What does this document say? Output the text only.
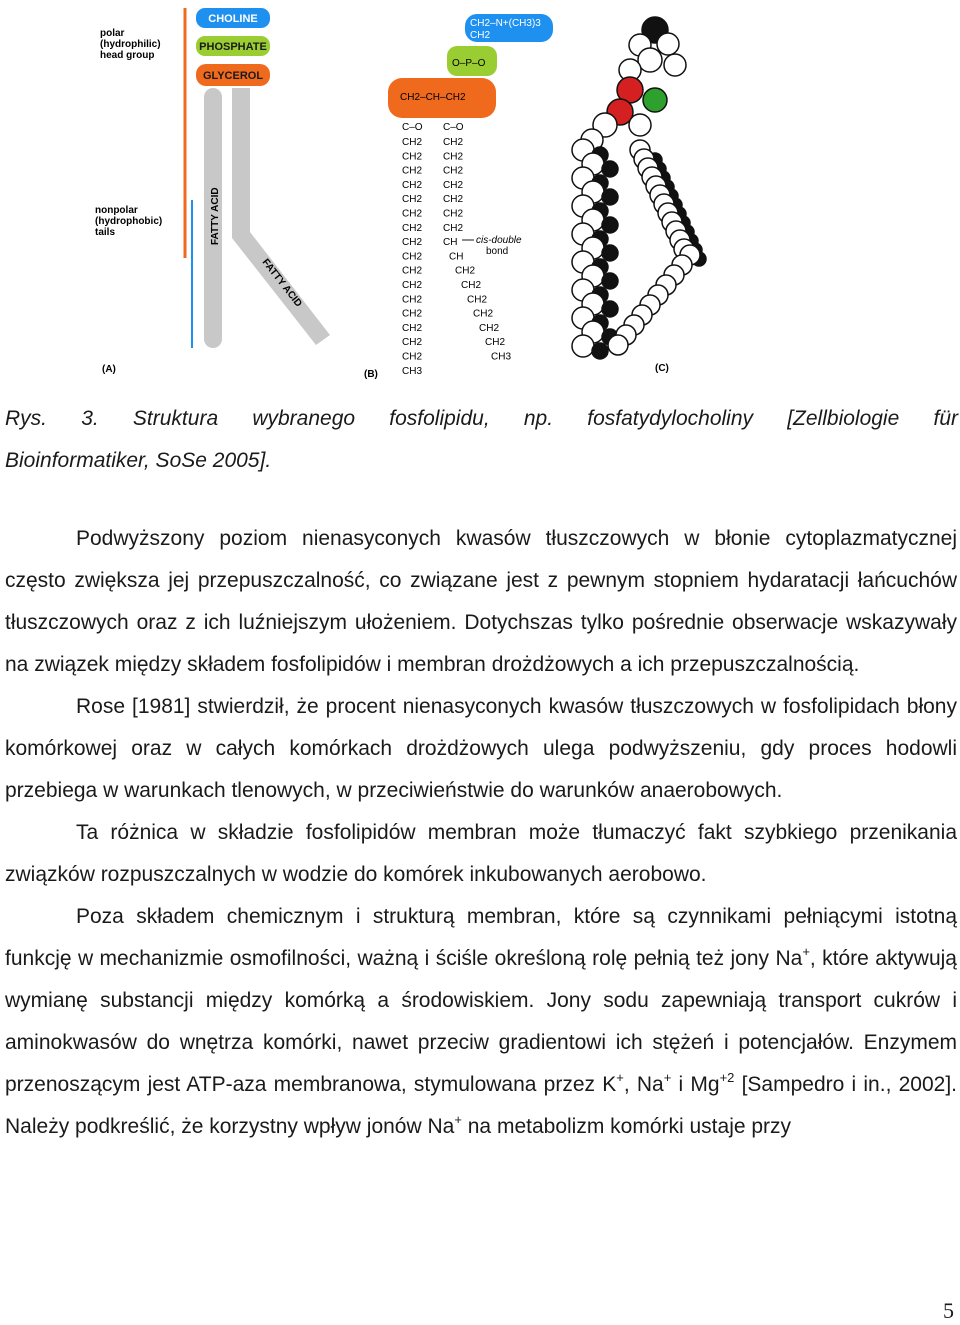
CHOLINE
PHOSPHATE
GLYCEROL
polar
(hydrophilic)
head group
FATTY ACID
FATTY ACID
nonpolar
(hydrophobic)
tails
(A)
CH2–N+(CH3)3
CH2
O–P–O
CH2–CH–CH2
C–O C–O
CH2
CH2
CH2
CH2
CH2
CH2
CH2
CH2
CH2
CH2
CH2
CH2
CH2
CH2
CH2
CH2
CH3
CH2
CH2
CH2
CH2
CH2
CH2
CH2
CH
CH
CH2
CH2
CH2
CH2
CH2
CH2
CH3
cis-double
bond
(B)
(C)
Rys. 3. Struktura wybranego fosfolipidu, np. fosfatydylocholiny [Zellbiologie für
Bioinformatiker, SoSe 2005].

Podwyższony poziom nienasyconych kwasów tłuszczowych w błonie cytoplazmatycznej często zwiększa jej przepuszczalność, co związane jest z pewnym stopniem hydaratacji łańcuchów tłuszczowych oraz z ich luźniejszym ułożeniem. Dotychszas tylko pośrednie obserwacje wskazywały na związek między składem fosfolipidów i membran drożdżowych a ich przepuszczalnością.

Rose [1981] stwierdził, że procent nienasyconych kwasów tłuszczowych w fosfolipidach błony komórkowej oraz w całych komórkach drożdżowych ulega podwyższeniu, gdy proces hodowli przebiega w warunkach tlenowych, w przeciwieństwie do warunków anaerobowych.

Ta różnica w składzie fosfolipidów membran może tłumaczyć fakt szybkiego przenikania związków rozpuszczalnych w wodzie do komórek inkubowanych aerobowo.

Poza składem chemicznym i strukturą membran, które są czynnikami pełniącymi istotną funkcję w mechanizmie osmofilności, ważną i ściśle określoną rolę pełnią też jony Na+, które aktywują wymianę substancji między komórką a środowiskiem. Jony sodu zapewniają transport cukrów i aminokwasów do wnętrza komórki, nawet przeciw gradientowi ich stężeń i potencjałów. Enzymem przenoszącym jest ATP-aza membranowa, stymulowana przez K+, Na+ i $Mg^{+2}$ [Sampedro i in., 2002]. Należy podkreślić, że korzystny wpływ jonów Na+ na metabolizm komórki ustaje przy

5
